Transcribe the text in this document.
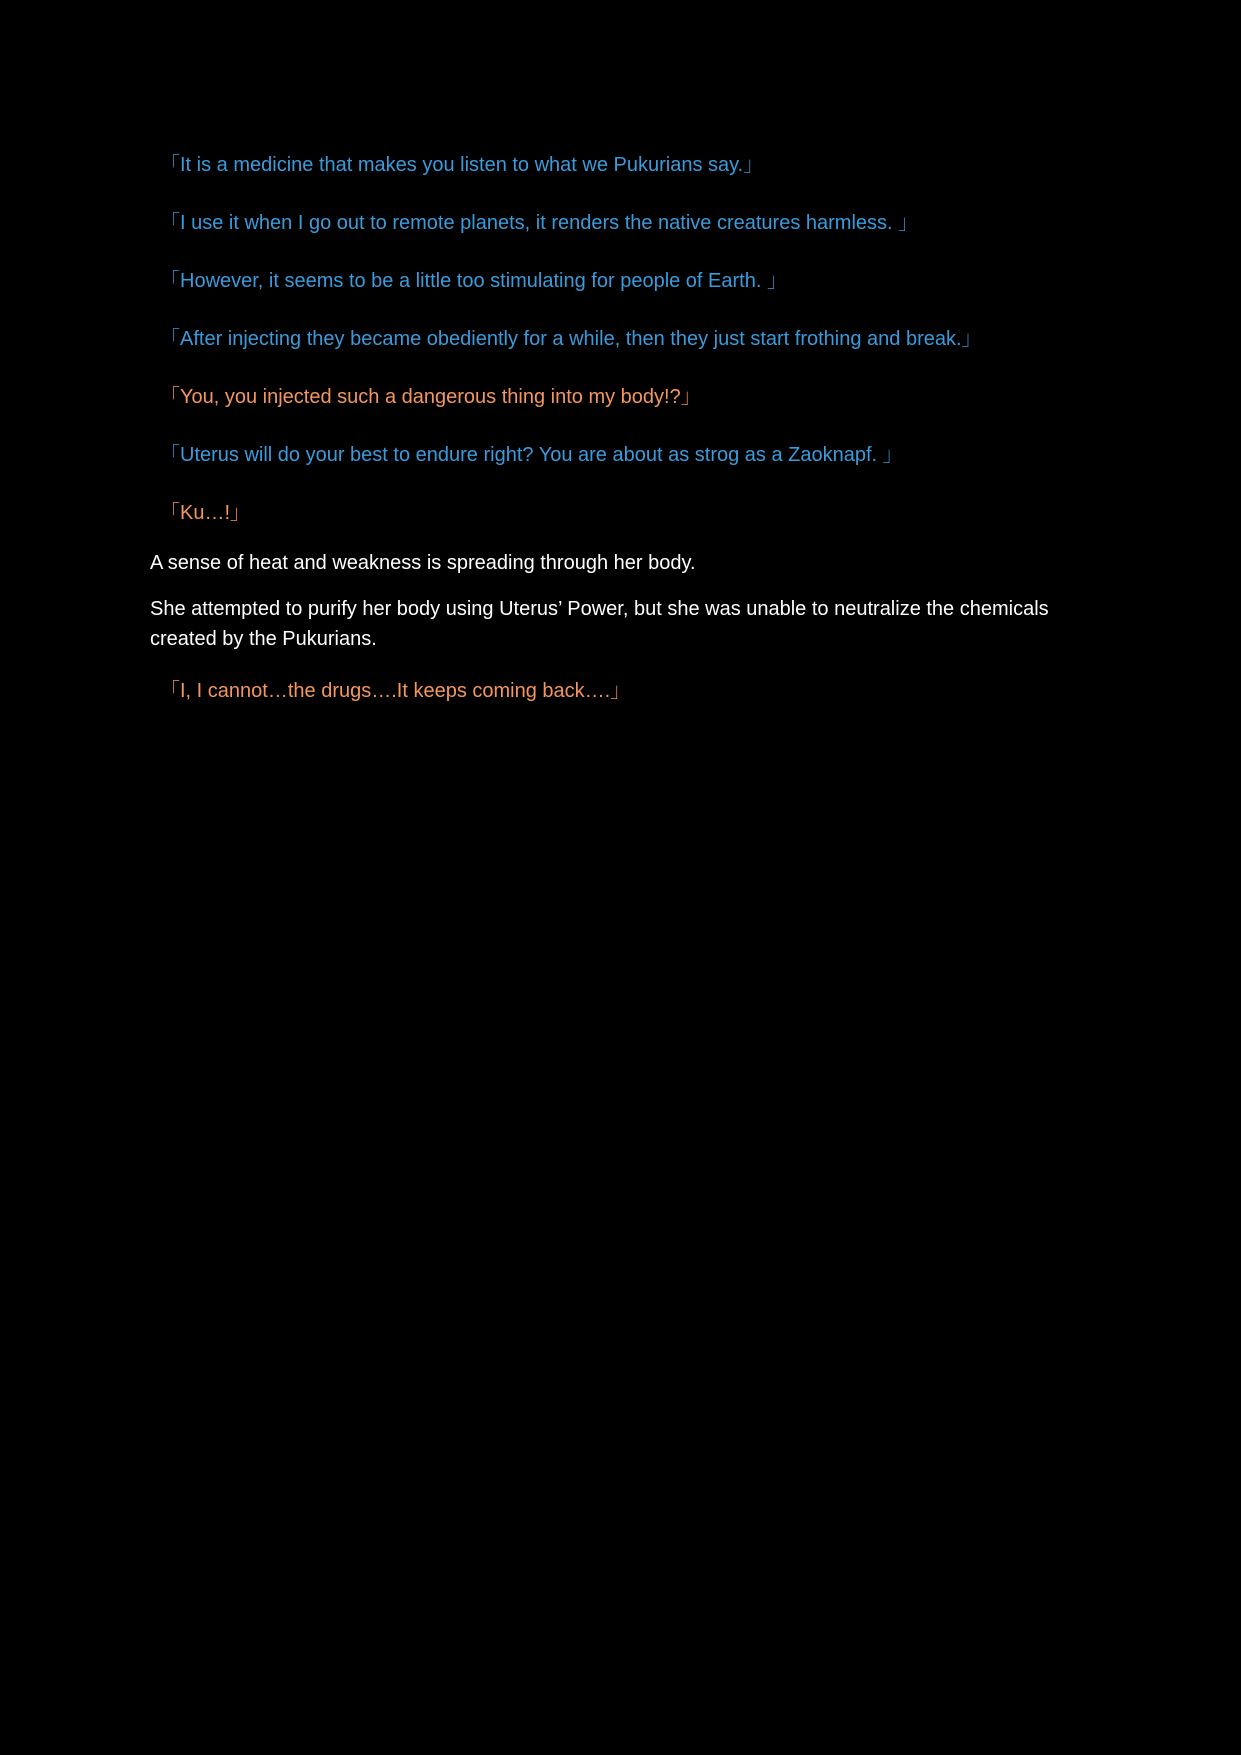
「It is a medicine that makes you listen to what we Pukurians say.」

「I use it when I go out to remote planets, it renders the native creatures harmless. 」

「However, it seems to be a little too stimulating for people of Earth. 」

「After injecting they became obediently for a while, then they just start frothing and break.」

「You, you injected such a dangerous thing into my body!?」

「Uterus will do your best to endure right? You are about as strog as a Zaoknapf. 」

「Ku…!」

A sense of heat and weakness is spreading through her body.

She attempted to purify her body using Uterus’ Power, but she was unable to neutralize the chemicals created by the Pukurians.

「I, I cannot…the drugs….It keeps coming back….」
